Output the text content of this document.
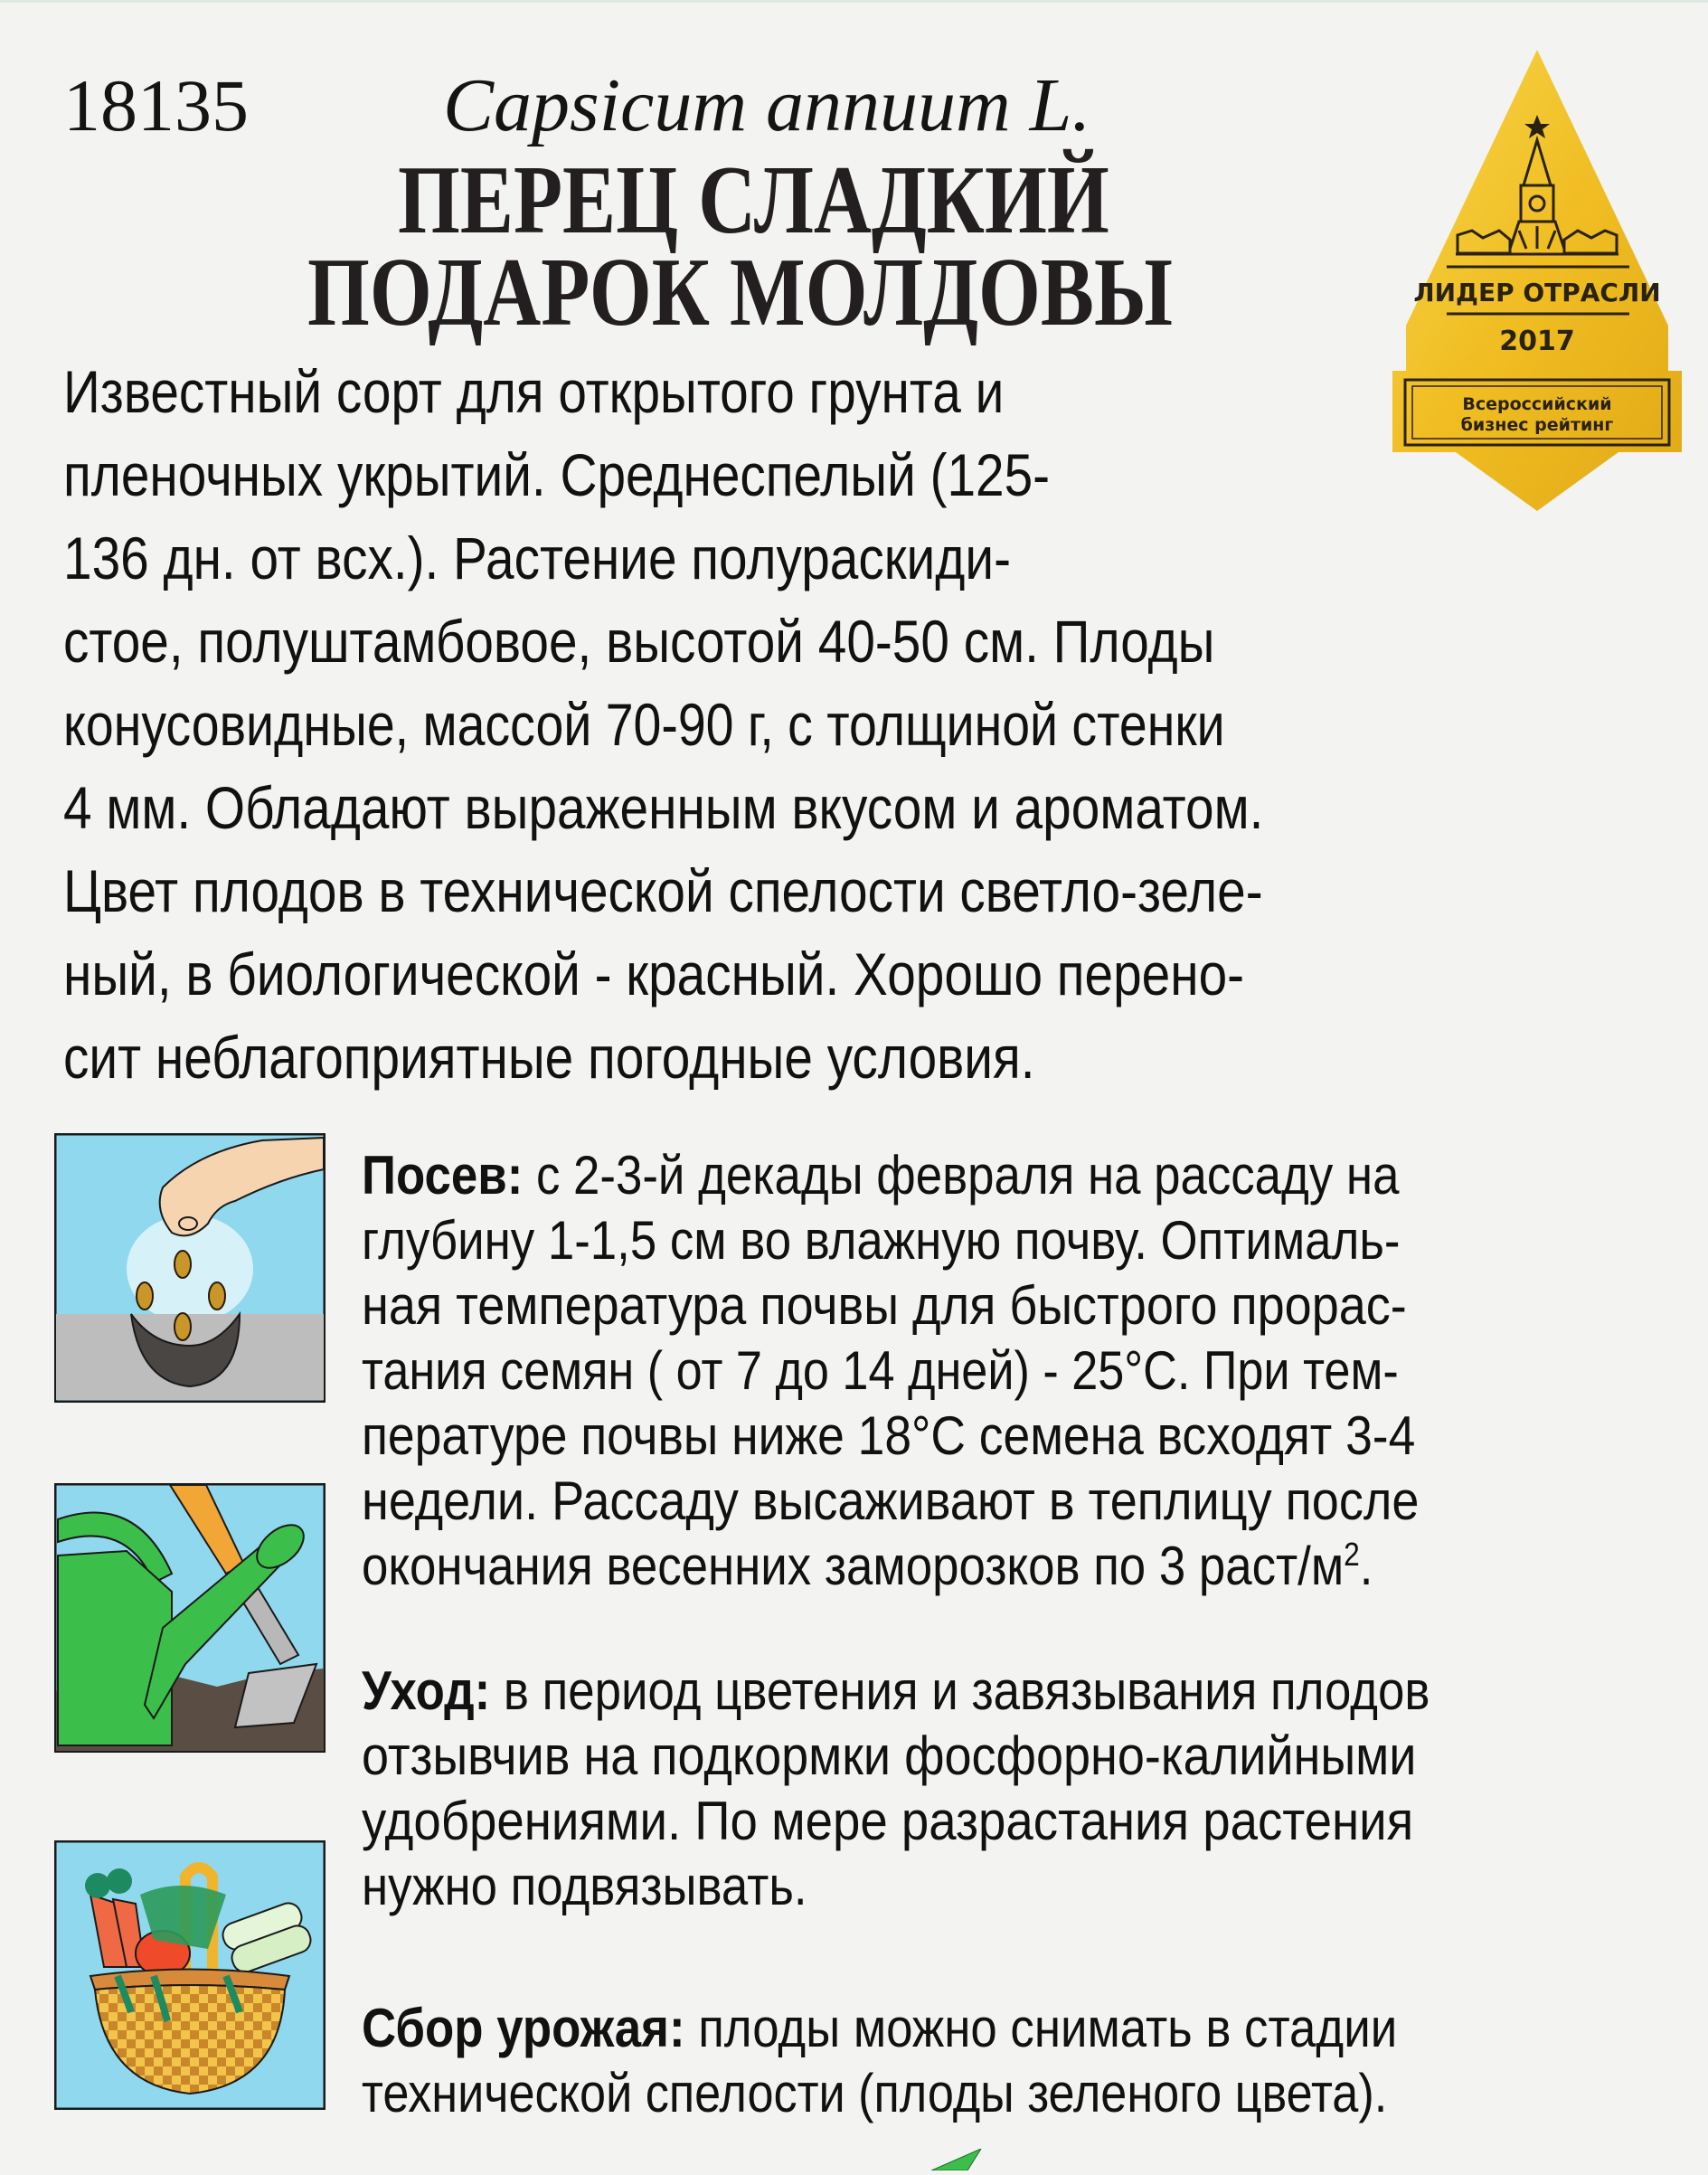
18135	Capsicum annuum L.
ПЕРЕЦ СЛАДКИЙ
ПОДАРОК МОЛДОВЫ	ЛИДЕР ОТРАСЛИ
2017
Всероссийский
бизнес рейтинг
Известный сорт для открытого грунта и
пленочных укрытий. Среднеспелый (125-
136 дн. от всх.). Растение полураскиди-
стое, полуштамбовое, высотой 40-50 см. Плоды
конусовидные, массой 70-90 г, с толщиной стенки
4 мм. Обладают выраженным вкусом и ароматом.
Цвет плодов в технической спелости светло-зеле-
ный, в биологической - красный. Хорошо перено-
сит неблагоприятные погодные условия.
Посев: с 2-3-й декады февраля на рассаду на
глубину 1-1,5 см во влажную почву. Оптималь-
ная температура почвы для быстрого прорас-
тания семян ( от 7 до 14 дней) - 25°С. При тем-
пературе почвы ниже 18°С семена всходят 3-4
недели. Рассаду высаживают в теплицу после
окончания весенних заморозков по 3 раст/$м^2$.
Уход: в период цветения и завязывания плодов
отзывчив на подкормки фосфорно-калийными
удобрениями. По мере разрастания растения
нужно подвязывать.
Сбор урожая: плоды можно снимать в стадии
технической спелости (плоды зеленого цвета).
